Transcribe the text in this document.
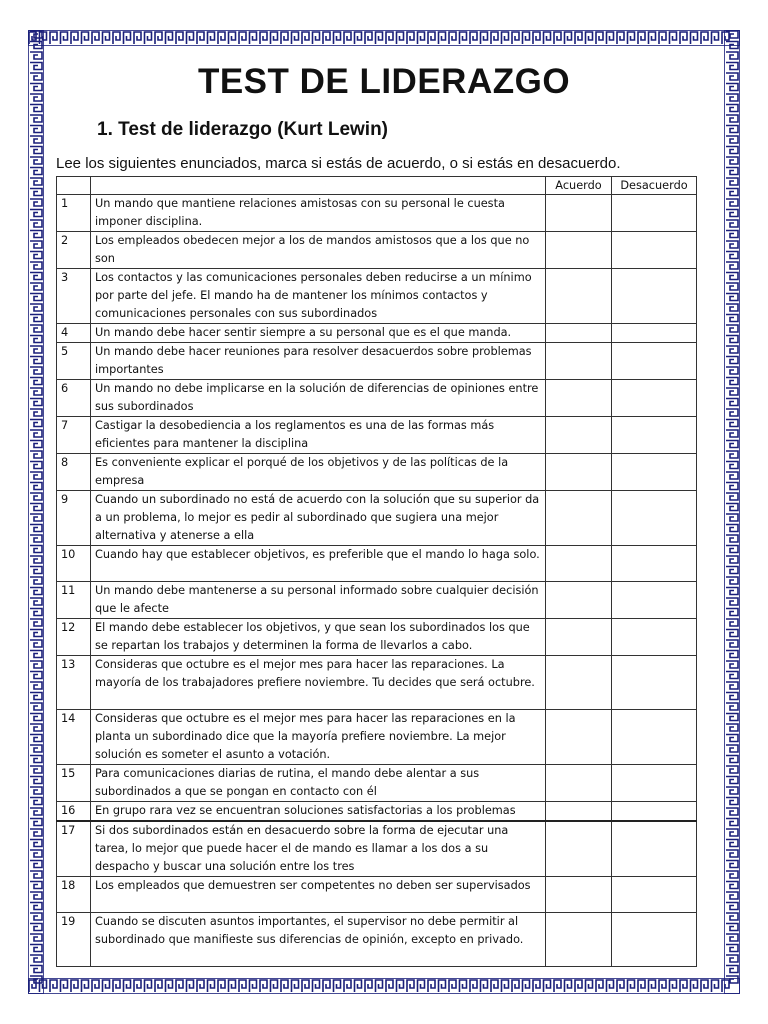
TEST DE LIDERAZGO
1. Test de liderazgo (Kurt Lewin)
Lee los siguientes enunciados, marca si estás de acuerdo, o si estás en desacuerdo.
		Acuerdo	Desacuerdo
1	Un mando que mantiene relaciones amistosas con su personal le cuesta imponer disciplina.		
2	Los empleados obedecen mejor a los de mandos amistosos que a los que no son		
3	Los contactos y las comunicaciones personales deben reducirse a un mínimo por parte del jefe. El mando ha de mantener los mínimos contactos y comunicaciones personales con sus subordinados		
4	Un mando debe hacer sentir siempre a su personal que es el que manda.		
5	Un mando debe hacer reuniones para resolver desacuerdos sobre problemas importantes		
6	Un mando no debe implicarse en la solución de diferencias de opiniones entre sus subordinados		
7	Castigar la desobediencia a los reglamentos es una de las formas más eficientes para mantener la disciplina		
8	Es conveniente explicar el porqué de los objetivos y de las políticas de la empresa		
9	Cuando un subordinado no está de acuerdo con la solución que su superior da a un problema, lo mejor es pedir al subordinado que sugiera una mejor alternativa y atenerse a ella		
10	Cuando hay que establecer objetivos, es preferible que el mando lo haga solo.		
11	Un mando debe mantenerse a su personal informado sobre cualquier decisión que le afecte		
12	El mando debe establecer los objetivos, y que sean los subordinados los que se repartan los trabajos y determinen la forma de llevarlos a cabo.		
13	Consideras que octubre es el mejor mes para hacer las reparaciones. La mayoría de los trabajadores prefiere noviembre. Tu decides que será octubre.		
14	Consideras que octubre es el mejor mes para hacer las reparaciones en la planta un subordinado dice que la mayoría prefiere noviembre. La mejor solución es someter el asunto a votación.		
15	Para comunicaciones diarias de rutina, el mando debe alentar a sus subordinados a que se pongan en contacto con él		
16	En grupo rara vez se encuentran soluciones satisfactorias a los problemas		
17	Si dos subordinados están en desacuerdo sobre la forma de ejecutar una tarea, lo mejor que puede hacer el de mando es llamar a los dos a su despacho y buscar una solución entre los tres		
18	Los empleados que demuestren ser competentes no deben ser supervisados		
19	Cuando se discuten asuntos importantes, el supervisor no debe permitir al subordinado que manifieste sus diferencias de opinión, excepto en privado.		
